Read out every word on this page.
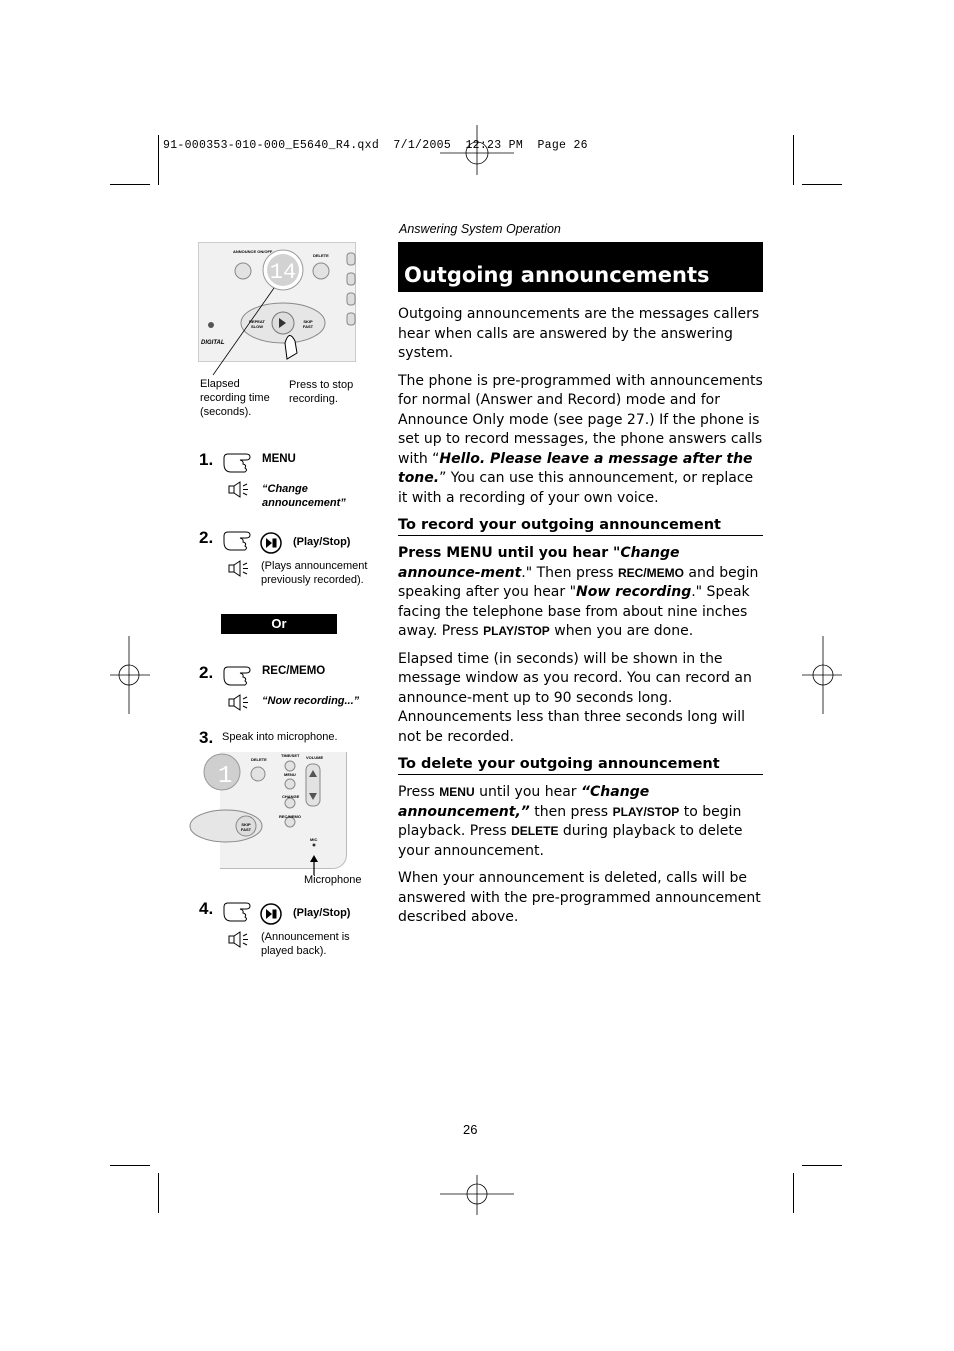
91-000353-010-000_E5640_R4.qxd  7/1/2005  12:23 PM  Page 26
Answering System Operation
Outgoing announcements

Outgoing announcements are the messages callers hear when calls are answered by the answering system.

The phone is pre-programmed with announcements for normal (Answer and Record) mode and for Announce Only mode (see page 27.) If the phone is set up to record messages, the phone answers calls with “Hello. Please leave a message after the tone.” You can use this announcement, or replace it with a recording of your own voice.

To record your outgoing announcement

Press MENU until you hear "Change announce-ment." Then press REC/MEMO and begin speaking after you hear "Now recording." Speak facing the telephone base from about nine inches away. Press PLAY/STOP when you are done.

Elapsed time (in seconds) will be shown in the message window as you record. You can record an announce-ment up to 90 seconds long. Announcements less than three seconds long will not be recorded.

To delete your outgoing announcement

Press MENU until you hear “Change announcement,” then press PLAY/STOP to begin playback. Press DELETE during playback to delete your announcement.

When your announcement is deleted, calls will be answered with the pre-programmed announcement described above.

14
ANNOUNCE ON/OFF
DELETE
REPEAT SLOW
SKIP FAST
DIGITAL
Elapsed recording time (seconds).
Press to stop recording.
1.	MENU
“Change announcement”
2.	(Play/Stop)
(Plays announcement previously recorded).
Or
2.	REC/MEMO
“Now recording...”
3. Speak into microphone.
1
DELETE
TIME/SET
MENU
CHANGE
REC/MEMO
VOLUME
SKIP FAST
MIC
Microphone
4.	(Play/Stop)
(Announcement is played back).
26
